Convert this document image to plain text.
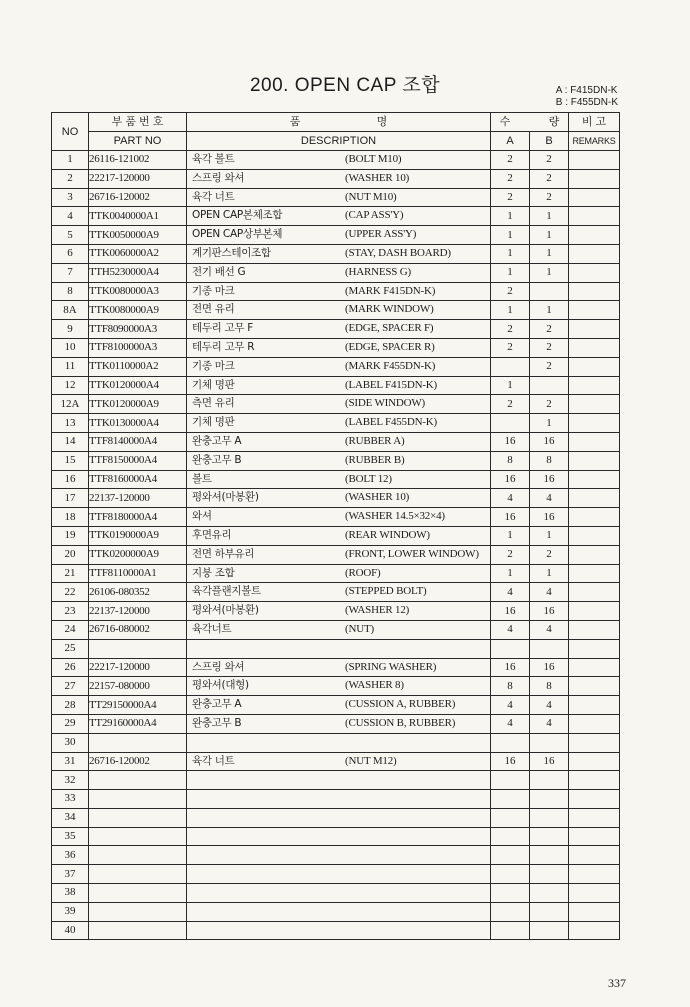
200. OPEN CAP 조합	A : F415DN-K
B : F455DN-K
NO	부 품 번 호	품 명	수 량		비 고
	PART NO	DESCRIPTION	A	B	REMARKS
1	26116-121002	육각 볼트 (BOLT M10)	2	2	
2	22217-120000	스프링 와셔 (WASHER 10)	2	2	
3	26716-120002	육각 너트 (NUT M10)	2	2	
4	TTK0040000A1	OPEN CAP본체조합 (CAP ASS'Y)	1	1	
5	TTK0050000A9	OPEN CAP상부본체 (UPPER ASS'Y)	1	1	
6	TTK0060000A2	계기판스테이조합 (STAY, DASH BOARD)	1	1	
7	TTH5230000A4	전기 배선 G (HARNESS G)	1	1	
8	TTK0080000A3	기종 마크 (MARK F415DN-K)	2		
8A	TTK0080000A9	전면 유리 (MARK WINDOW)	1	1	
9	TTF8090000A3	테두리 고무 F (EDGE, SPACER F)	2	2	
10	TTF8100000A3	테두리 고무 R (EDGE, SPACER R)	2	2	
11	TTK0110000A2	기종 마크 (MARK F455DN-K)		2	
12	TTK0120000A4	기체 명판 (LABEL F415DN-K)	1		
12A	TTK0120000A9	측면 유리 (SIDE WINDOW)	2	2	
13	TTK0130000A4	기체 명판 (LABEL F455DN-K)		1	
14	TTF8140000A4	완충고무 A (RUBBER A)	16	16	
15	TTF8150000A4	완충고무 B (RUBBER B)	8	8	
16	TTF8160000A4	볼트 (BOLT 12)	16	16	
17	22137-120000	평와셔(마봉환) (WASHER 10)	4	4	
18	TTF8180000A4	와셔 (WASHER 14.5×32×4)	16	16	
19	TTK0190000A9	후면유리 (REAR WINDOW)	1	1	
20	TTK0200000A9	전면 하부유리 (FRONT, LOWER WINDOW)	2	2	
21	TTF8110000A1	지붕 조합 (ROOF)	1	1	
22	26106-080352	육각플랜지볼트 (STEPPED BOLT)	4	4	
23	22137-120000	평와셔(마봉환) (WASHER 12)	16	16	
24	26716-080002	육각너트 (NUT)	4	4	
25		

26	22217-120000	스프링 와셔 (SPRING WASHER)	16	16	
27	22157-080000	평와셔(대형) (WASHER 8)	8	8	
28	TT29150000A4	완충고무 A (CUSSION A, RUBBER)	4	4	
29	TT29160000A4	완충고무 B (CUSSION B, RUBBER)	4	4	
30		

31	26716-120002	육각 너트 (NUT M12)	16	16	
32		

33		

34		

35		

36		

37		

38		

39		

40		

337
